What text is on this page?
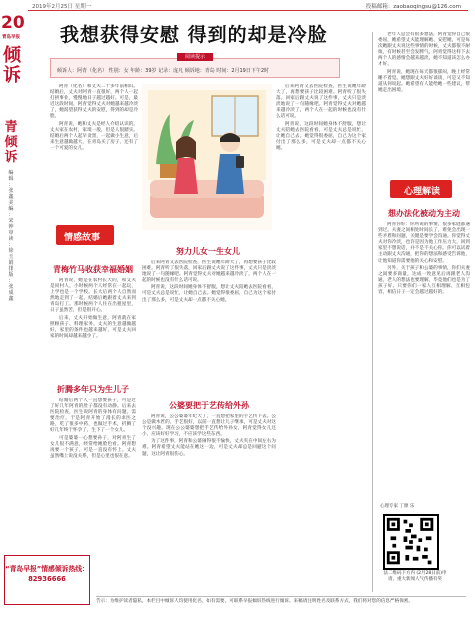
2019年2月25日 星期一	投稿邮箱：zaobaoqingsu@126.com
20
青岛早报
倾
诉
青
倾
诉
编
辑
：
张
鑫
美
编
：
宋
钟
审
读
：
徐
玉
娟
排
版
：
张
成
鑫
我想获得安慰 得到的却是冷脸
阅读提示
倾诉人：阿青（化名） 性别：女 年龄：39岁 记录：庞凡 倾诉地：青岛 时间：2月19日下午2时

阿青（化名）和丈夫二十多年前相识。结婚后，丈夫对阿青一直很好，两个人一起打拼事业，慢慢地日子越过越好。可是，最近这段时间，阿青觉得丈夫对她越来越冷淡了，她渴望获得丈夫的安慰，得到的却是冷脸。

阿青说，她和丈夫是经人介绍认识的。丈夫家在农村，家境一般，但是人很踏实。结婚后两个人起早贪黑，一起做小生意，后来生意越做越大，在青岛买了房子，还有了一个可爱的女儿。

情感故事

后来阿青又去医院检查，医生说她年龄大了，再想要孩子比较困难。阿青听了很失落，回家后跟丈夫说了这件事，丈夫只是淡淡地说了一句随缘吧。阿青觉得丈夫对她越来越冷淡了，两个人在一起的时候也没有什么话可说。

阿青说，这段时间她身体不舒服，想让丈夫陪她去医院看看，可是丈夫总是说忙，让她自己去。她觉得很委屈，自己为这个家付出了那么多，可是丈夫却一点都不关心她。

努力儿女一生女儿
青梅竹马收获幸福婚姻

阿青说，她是在农村长大的，和丈夫是同村人。小时候两个人经常在一起玩，上学也是一个学校。长大后两个人自然而然地走到了一起，结婚后她跟着丈夫来到青岛打工。那时候两个人住在出租屋里，日子虽然苦，但是很开心。

后来，丈夫开始做生意，阿青就在家照顾孩子、料理家务。丈夫的生意越做越好，家里的条件也越来越好，可是丈夫回家的时间却越来越少了。

折腾多年只为生儿子

结婚后两个人一直想要孩子，可是过了好几年阿青的肚子都没有动静。后来去医院检查，医生说阿青的身体有问题，需要治疗。于是阿青开始了漫长的求医之路，吃了很多中药，也做过手术，折腾了好几年终于怀孕了，生下了一个女儿。

可是婆婆一心想要孙子，对阿青生了女儿很不满意，经常给她脸色看。阿青想再要一个孩子，可是一直没有怀上。丈夫虽然嘴上说没关系，但是心里也很在意。

后来阿青又去医院检查，医生说她年龄大了，再想要孩子比较困难。阿青听了很失落，回家后跟丈夫说了这件事，丈夫只是淡淡地说了一句随缘吧。阿青觉得丈夫对她越来越冷淡了，两个人在一起的时候也没有什么话可说。

阿青说，这段时间她身体不舒服，想让丈夫陪她去医院看看，可是丈夫总是说忙，让她自己去。她觉得很委屈，自己为这个家付出了那么多，可是丈夫却一点都不关心她。

公婆要把于艺传给外孙

阿青说，公公婆婆年纪大了，一直想把家里的手艺传下去。公公是做木匠的，手艺很好，以前一直想让儿子继承，可是丈夫对这个没兴趣。现在公公婆婆想把手艺传给外孙女，阿青觉得女儿还小，应该好好学习，不应该学这些东西。

为了这件事，阿青和公婆闹得很不愉快，丈夫夹在中间左右为难。阿青希望丈夫能站在她这一边，可是丈夫却总是回避这个问题，这让阿青很伤心。

老年人总会有很多想法，阿青觉得自己很委屈，她希望丈夫能理解她、安慰她，可是每次她跟丈夫说这些事情的时候，丈夫都很不耐烦，有时候甚至会发脾气。阿青觉得这样下去两个人的感情会越来越淡，她不知道该怎么办才好。

阿青说，她现在每天都很郁闷，晚上经常睡不着觉。她想跟丈夫好好谈谈，可是又不知道从何说起。她希望有人能给她一些建议，帮她走出困境。

心理解读
想办法化被动为主动

阿青你好：你所说的事情，很多家庭都遇到过。夫妻之间相处时间长了，难免会出现一些矛盾和问题，关键是要学会沟通。你觉得丈夫对你冷淡，也许是因为他工作压力大，回到家里不想说话，并不是不关心你。你可以试着主动跟丈夫沟通，把你的想法和感受告诉他，让他知道你需要他的关心和安慰。

另外，关于孩子和公婆的事情，你们夫妻之间要多商量，达成一致意见后再跟老人沟通。老人的想法也要理解，毕竟他们也是为了孩子好。只要你们一家人互相理解、互相包容，相信日子一定会越过越好的。

心理专家 丁源 乐
法二维码下方内 (2月28日前)申请，重大新闻人气传播有奖
“青岛早报”情感倾诉热线：82936666
告示：为维护读者隐私，本栏目中倾诉人均使用化名。如有需要，可联系早报倾诉热线进行倾诉。来稿请注明姓名及联系方式，我们将对您的信息严格保密。
